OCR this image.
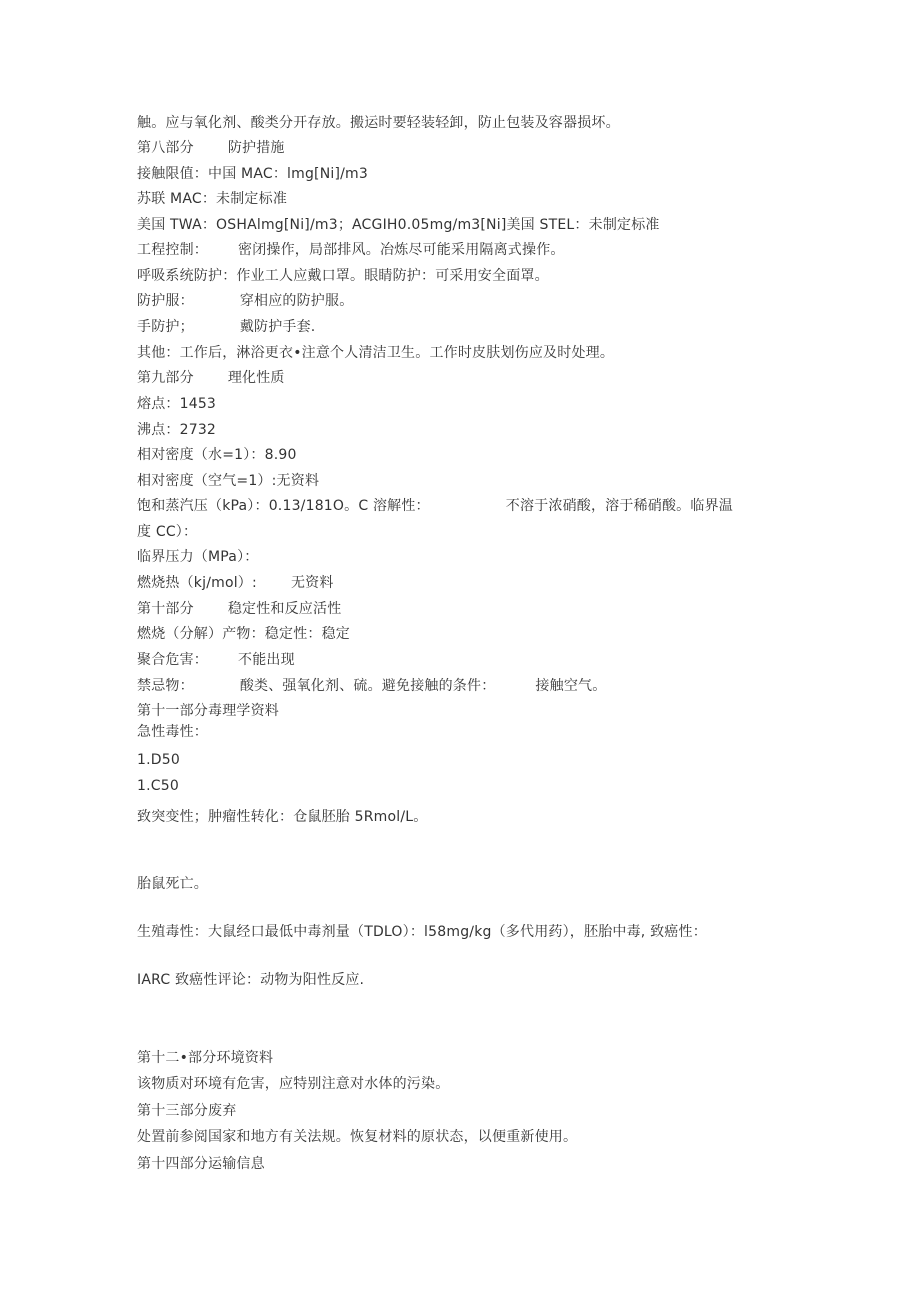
触。应与氧化剂、酸类分开存放。搬运时要轻装轻卸，防止包装及容器损坏。
第八部分 防护措施
接触限值：中国 MAC：lmg[Ni]/m3
苏联 MAC：未制定标准
美国 TWA：OSHAlmg[Ni]/m3；ACGIH0.05mg/m3[Ni]美国 STEL：未制定标准
工程控制： 密闭操作，局部排风。冶炼尽可能采用隔离式操作。
呼吸系统防护：作业工人应戴口罩。眼睛防护：可采用安全面罩。
防护服：	穿相应的防护服。
手防护；	戴防护手套.
其他：工作后，淋浴更衣•注意个人清洁卫生。工作时皮肤划伤应及时处理。
第九部分 理化性质
熔点：1453
沸点：2732
相对密度（水=1）：8.90
相对密度（空气=1）:无资料
饱和蒸汽压（kPa）：0.13/181O。C 溶解性：	不溶于浓硝酸，溶于稀硝酸。临界温
度 CC）：
临界压力（MPa）：
燃烧热（kj∕mol）: 无资料
第十部分 稳定性和反应活性
燃烧（分解）产物：稳定性：稳定
聚合危害： 不能出现
禁忌物：	酸类、强氧化剂、硫。避免接触的条件：	接触空气。
第十一部分毒理学资料
急性毒性：
1.D50
1.C50
致突变性；肿瘤性转化：仓鼠胚胎 5Rmol/L。
胎鼠死亡。
生殖毒性：大鼠经口最低中毒剂量（TDLO）：l58mg∕kg（多代用药），胚胎中毒, 致癌性：
IARC 致癌性评论：动物为阳性反应.
第十二•部分环境资料
该物质对环境有危害，应特别注意对水体的污染。
第十三部分废弃
处置前参阅国家和地方有关法规。恢复材料的原状态，以便重新使用。
第十四部分运输信息
